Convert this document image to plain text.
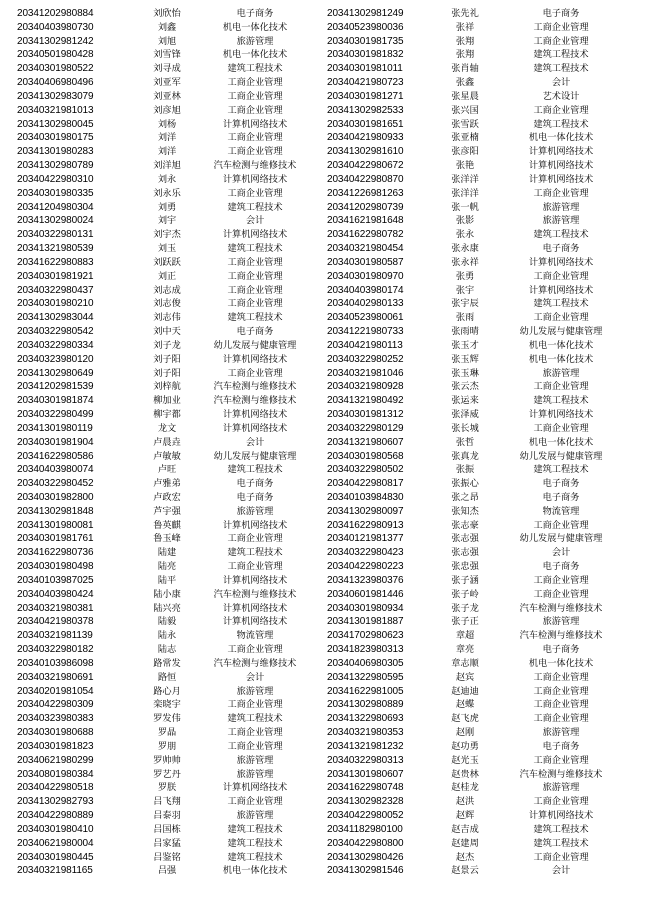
20341202980884	刘欣怡	电子商务
20340403980730	刘鑫	机电一体化技术
20341302981242	刘旭	旅游管理
20340501980428	刘雪锋	机电一体化技术
20340301980522	刘寻成	建筑工程技术
20340406980496	刘亚军	工商企业管理
20341302983079	刘亚林	工商企业管理
20340321981013	刘彦旭	工商企业管理
20341302980045	刘杨	计算机网络技术
20340301980175	刘洋	工商企业管理
20341301980283	刘洋	工商企业管理
20341302980789	刘洋旭	汽车检测与维修技术
20340422980310	刘永	计算机网络技术
20340301980335	刘永乐	工商企业管理
20341204980304	刘勇	建筑工程技术
20341302980024	刘宇	会计
20340322980131	刘宇杰	计算机网络技术
20341321980539	刘玉	建筑工程技术
20341622980883	刘跃跃	工商企业管理
20340301981921	刘正	工商企业管理
20340322980437	刘志成	工商企业管理
20340301980210	刘志俊	工商企业管理
20341302983044	刘志伟	建筑工程技术
20340322980542	刘中天	电子商务
20340322980334	刘子龙	幼儿发展与健康管理
20340323980120	刘子阳	计算机网络技术
20341302980649	刘子阳	工商企业管理
20341202981539	刘梓航	汽车检测与维修技术
20340301981874	柳加业	汽车检测与维修技术
20340322980499	柳宇都	计算机网络技术
20341301980119	龙文	计算机网络技术
20340301981904	卢晨垚	会计
20341622980586	卢敏敏	幼儿发展与健康管理
20340403980074	卢旺	建筑工程技术
20340322980452	卢雅弟	电子商务
20340301982800	卢政宏	电子商务
20341302981848	芦宇强	旅游管理
20341301980081	鲁英麒	计算机网络技术
20340301981761	鲁玉峰	工商企业管理
20341622980736	陆建	建筑工程技术
20340301980498	陆亮	工商企业管理
20340103987025	陆平	计算机网络技术
20340403980424	陆小康	汽车检测与维修技术
20340321980381	陆兴亮	计算机网络技术
20340421980378	陆毅	计算机网络技术
20340321981139	陆永	物流管理
20340322980182	陆志	工商企业管理
20340103986098	路常发	汽车检测与维修技术
20340321980691	路恒	会计
20340201981054	路心月	旅游管理
20340422980309	栾晓宇	工商企业管理
20340323980383	罗发伟	建筑工程技术
20340301980688	罗晶	工商企业管理
20340301981823	罗朋	工商企业管理
20340621980299	罗帅帅	旅游管理
20340801980384	罗艺丹	旅游管理
20340422980518	罗朕	计算机网络技术
20341302982793	吕飞翔	工商企业管理
20340422980889	吕泰羽	旅游管理
20340301980410	吕国栋	建筑工程技术
20340621980004	吕家猛	建筑工程技术
20340301980445	吕鉴铭	建筑工程技术
20340321981165	吕强	机电一体化技术
20341302981249	张先礼	电子商务
20340523980036	张祥	工商企业管理
20340301981735	张翔	工商企业管理
20340301981832	张翔	建筑工程技术
20340301981011	张肖轴	建筑工程技术
20340421980723	张鑫	会计
20340301981271	张星晨	艺术设计
20341302982533	张兴国	工商企业管理
20340301981651	张雪跃	建筑工程技术
20340421980933	张亚楠	机电一体化技术
20341302981610	张彦阳	计算机网络技术
20340422980672	张艳	计算机网络技术
20340422980870	张洋洋	计算机网络技术
20341226981263	张洋洋	工商企业管理
20341202980739	张一帆	旅游管理
20341621981648	张影	旅游管理
20341622980782	张永	建筑工程技术
20340321980454	张永康	电子商务
20340301980587	张永祥	计算机网络技术
20340301980970	张勇	工商企业管理
20340403980174	张宇	计算机网络技术
20340402980133	张宇辰	建筑工程技术
20340523980061	张雨	工商企业管理
20341221980733	张雨晴	幼儿发展与健康管理
20340421980113	张玉才	机电一体化技术
20340322980252	张玉辉	机电一体化技术
20340321981046	张玉琳	旅游管理
20340321980928	张云杰	工商企业管理
20341321980492	张运来	建筑工程技术
20340301981312	张泽威	计算机网络技术
20340322980129	张长城	工商企业管理
20341321980607	张哲	机电一体化技术
20340301980568	张真龙	幼儿发展与健康管理
20340322980502	张振	建筑工程技术
20340422980817	张振心	电子商务
20340103984830	张之昂	电子商务
20341302980097	张知杰	物流管理
20341622980913	张志豪	工商企业管理
20340121981377	张志强	幼儿发展与健康管理
20340322980423	张志强	会计
20340422980223	张忠强	电子商务
20341323980376	张子涵	工商企业管理
20340601981446	张子岭	工商企业管理
20340301980934	张子龙	汽车检测与维修技术
20341301981887	张子正	旅游管理
20341702980623	章超	汽车检测与维修技术
20341823980313	章亮	电子商务
20340406980305	章志顺	机电一体化技术
20341322980595	赵宾	工商企业管理
20341622981005	赵迪迪	工商企业管理
20341302980889	赵蝶	工商企业管理
20341322980693	赵飞虎	工商企业管理
20340321980353	赵刚	旅游管理
20341321981232	赵功勇	电子商务
20340322980313	赵光玉	工商企业管理
20341301980607	赵贵林	汽车检测与维修技术
20341622980748	赵桂龙	旅游管理
20341302982328	赵洪	工商企业管理
20340422980052	赵辉	计算机网络技术
20341182980100	赵吉成	建筑工程技术
20340422980800	赵建周	建筑工程技术
20341302980426	赵杰	工商企业管理
20341302981546	赵景云	会计
